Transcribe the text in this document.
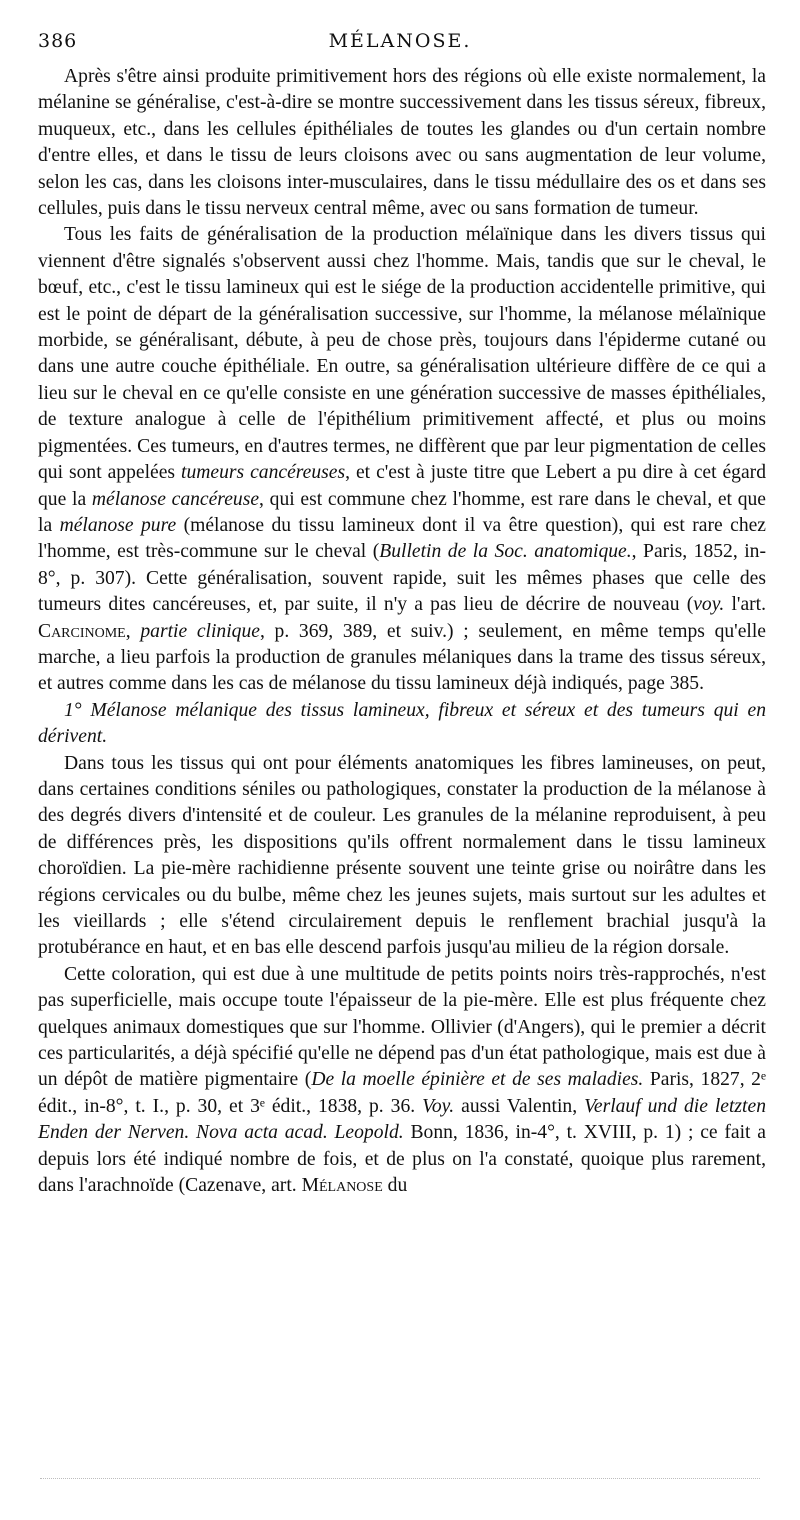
386	MÉLANOSE.

Après s'être ainsi produite primitivement hors des régions où elle existe normalement, la mélanine se généralise, c'est-à-dire se montre successivement dans les tissus séreux, fibreux, muqueux, etc., dans les cellules épithéliales de toutes les glandes ou d'un certain nombre d'entre elles, et dans le tissu de leurs cloisons avec ou sans augmentation de leur volume, selon les cas, dans les cloisons inter-musculaires, dans le tissu médullaire des os et dans ses cellules, puis dans le tissu nerveux central même, avec ou sans formation de tumeur.

Tous les faits de généralisation de la production mélaïnique dans les divers tissus qui viennent d'être signalés s'observent aussi chez l'homme. Mais, tandis que sur le cheval, le bœuf, etc., c'est le tissu lamineux qui est le siége de la production accidentelle primitive, qui est le point de départ de la généralisation successive, sur l'homme, la mélanose mélaïnique morbide, se généralisant, débute, à peu de chose près, toujours dans l'épiderme cutané ou dans une autre couche épithéliale. En outre, sa généralisation ultérieure diffère de ce qui a lieu sur le cheval en ce qu'elle consiste en une génération successive de masses épithéliales, de texture analogue à celle de l'épithélium primitivement affecté, et plus ou moins pigmentées. Ces tumeurs, en d'autres termes, ne diffèrent que par leur pigmentation de celles qui sont appelées tumeurs cancéreuses, et c'est à juste titre que Lebert a pu dire à cet égard que la mélanose cancéreuse, qui est commune chez l'homme, est rare dans le cheval, et que la mélanose pure (mélanose du tissu lamineux dont il va être question), qui est rare chez l'homme, est très-commune sur le cheval (Bulletin de la Soc. anatomique., Paris, 1852, in-8°, p. 307). Cette généralisation, souvent rapide, suit les mêmes phases que celle des tumeurs dites cancéreuses, et, par suite, il n'y a pas lieu de décrire de nouveau (voy. l'art. Carcinome, partie clinique, p. 369, 389, et suiv.) ; seulement, en même temps qu'elle marche, a lieu parfois la production de granules mélaniques dans la trame des tissus séreux, et autres comme dans les cas de mélanose du tissu lamineux déjà indiqués, page 385.

1° Mélanose mélanique des tissus lamineux, fibreux et séreux et des tumeurs qui en dérivent.

Dans tous les tissus qui ont pour éléments anatomiques les fibres lamineuses, on peut, dans certaines conditions séniles ou pathologiques, constater la production de la mélanose à des degrés divers d'intensité et de couleur. Les granules de la mélanine reproduisent, à peu de différences près, les dispositions qu'ils offrent normalement dans le tissu lamineux choroïdien. La pie-mère rachidienne présente souvent une teinte grise ou noirâtre dans les régions cervicales ou du bulbe, même chez les jeunes sujets, mais surtout sur les adultes et les vieillards ; elle s'étend circulairement depuis le renflement brachial jusqu'à la protubérance en haut, et en bas elle descend parfois jusqu'au milieu de la région dorsale.

Cette coloration, qui est due à une multitude de petits points noirs très-rapprochés, n'est pas superficielle, mais occupe toute l'épaisseur de la pie-mère. Elle est plus fréquente chez quelques animaux domestiques que sur l'homme. Ollivier (d'Angers), qui le premier a décrit ces particularités, a déjà spécifié qu'elle ne dépend pas d'un état pathologique, mais est due à un dépôt de matière pigmentaire (De la moelle épinière et de ses maladies. Paris, 1827, 2ᵉ édit., in-8°, t. I., p. 30, et 3ᵉ édit., 1838, p. 36. Voy. aussi Valentin, Verlauf und die letzten Enden der Nerven. Nova acta acad. Leopold. Bonn, 1836, in-4°, t. XVIII, p. 1) ; ce fait a depuis lors été indiqué nombre de fois, et de plus on l'a constaté, quoique plus rarement, dans l'arachnoïde (Cazenave, art. Mélanose du
